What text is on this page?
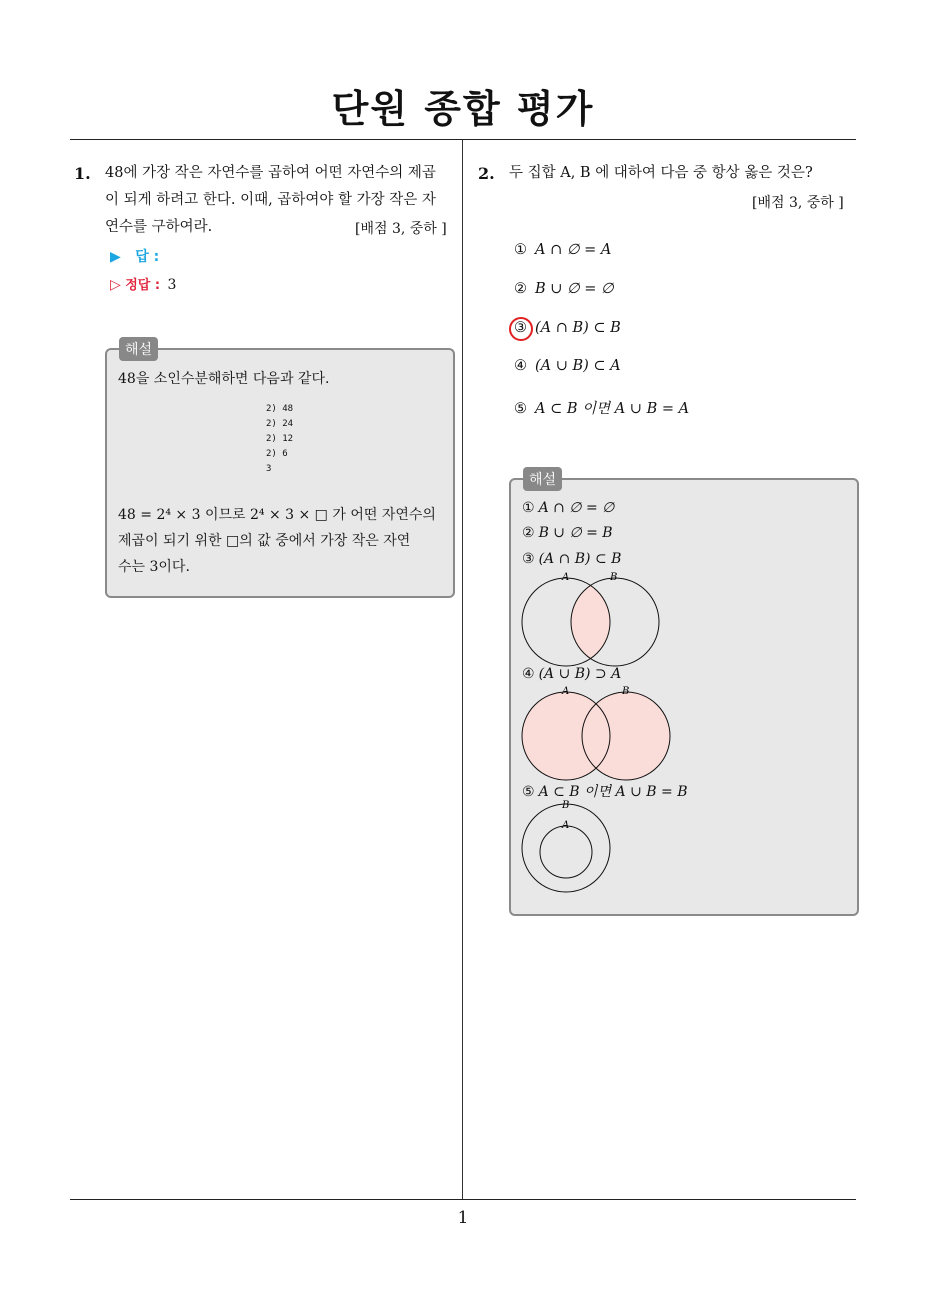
단원 종합 평가
1
1. 48에 가장 작은 자연수를 곱하여 어떤 자연수의 제곱
이 되게 하려고 한다. 이때, 곱하여야 할 가장 작은 자
연수를 구하여라.	[배점 3, 중하 ]
▶ 답 :
▷ 정답 : 3
해설
48을 소인수분해하면 다음과 같다.
2) 48
2) 24
2) 12
2) 6
3
48 = 2⁴ × 3 이므로 2⁴ × 3 × □ 가 어떤 자연수의
제곱이 되기 위한 □의 값 중에서 가장 작은 자연
수는 3이다.
2. 두 집합 A, B 에 대하여 다음 중 항상 옳은 것은?
[배점 3, 중하 ]
① A ∩ ∅ = A
② B ∪ ∅ = ∅
③ (A ∩ B) ⊂ B
④ (A ∪ B) ⊂ A
⑤ A ⊂ B 이면 A ∪ B = A
해설
① A ∩ ∅ = ∅
② B ∪ ∅ = B
③ (A ∩ B) ⊂ B
A	B
④ (A ∪ B) ⊃ A
A	B
⑤ A ⊂ B 이면 A ∪ B = B
B
A
